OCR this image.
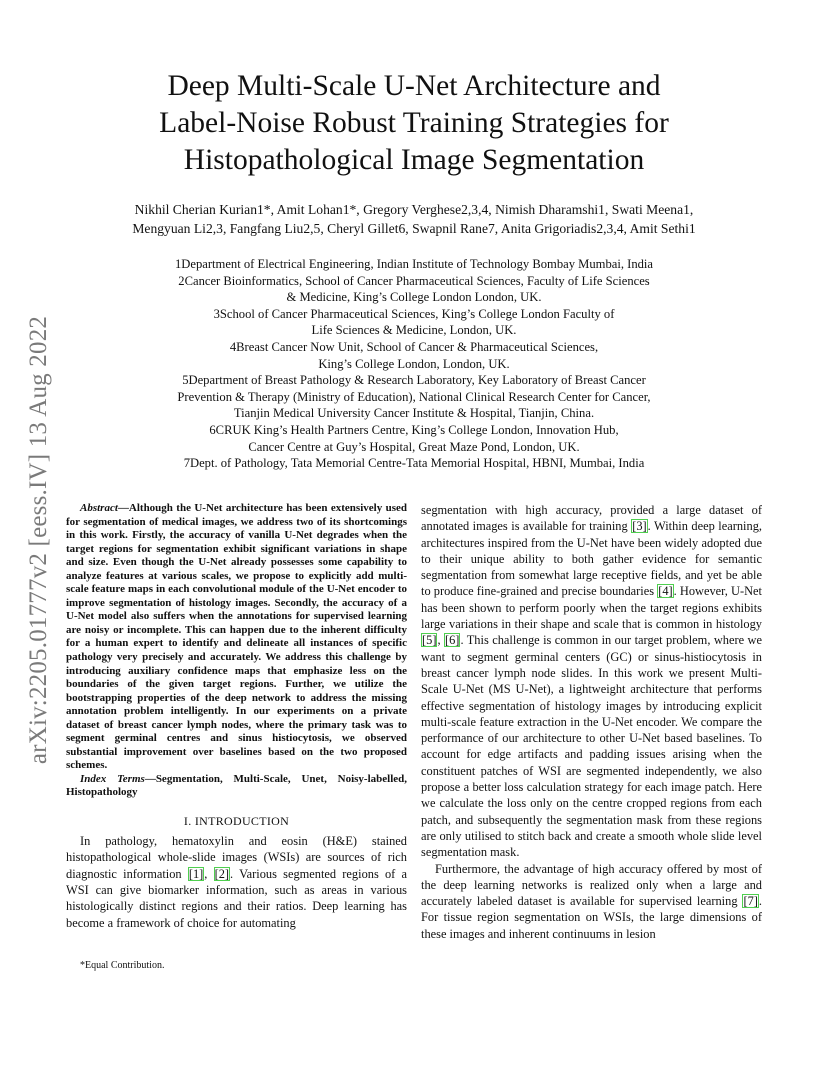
arXiv:2205.01777v2 [eess.IV] 13 Aug 2022
Deep Multi-Scale U-Net Architecture and
Label-Noise Robust Training Strategies for
Histopathological Image Segmentation
Nikhil Cherian Kurian1*, Amit Lohan1*, Gregory Verghese2,3,4, Nimish Dharamshi1, Swati Meena1,
Mengyuan Li2,3, Fangfang Liu2,5, Cheryl Gillet6, Swapnil Rane7, Anita Grigoriadis2,3,4, Amit Sethi1
1Department of Electrical Engineering, Indian Institute of Technology Bombay Mumbai, India
2Cancer Bioinformatics, School of Cancer Pharmaceutical Sciences, Faculty of Life Sciences
& Medicine, King’s College London London, UK.
3School of Cancer Pharmaceutical Sciences, King’s College London Faculty of
Life Sciences & Medicine, London, UK.
4Breast Cancer Now Unit, School of Cancer & Pharmaceutical Sciences,
King’s College London, London, UK.
5Department of Breast Pathology & Research Laboratory, Key Laboratory of Breast Cancer
Prevention & Therapy (Ministry of Education), National Clinical Research Center for Cancer,
Tianjin Medical University Cancer Institute & Hospital, Tianjin, China.
6CRUK King’s Health Partners Centre, King’s College London, Innovation Hub,
Cancer Centre at Guy’s Hospital, Great Maze Pond, London, UK.
7Dept. of Pathology, Tata Memorial Centre-Tata Memorial Hospital, HBNI, Mumbai, India

Abstract—Although the U-Net architecture has been extensively used for segmentation of medical images, we address two of its shortcomings in this work. Firstly, the accuracy of vanilla U-Net degrades when the target regions for segmentation exhibit significant variations in shape and size. Even though the U-Net already possesses some capability to analyze features at various scales, we propose to explicitly add multi-scale feature maps in each convolutional module of the U-Net encoder to improve segmentation of histology images. Secondly, the accuracy of a U-Net model also suffers when the annotations for supervised learning are noisy or incomplete. This can happen due to the inherent difficulty for a human expert to identify and delineate all instances of specific pathology very precisely and accurately. We address this challenge by introducing auxiliary confidence maps that emphasize less on the boundaries of the given target regions. Further, we utilize the bootstrapping properties of the deep network to address the missing annotation problem intelligently. In our experiments on a private dataset of breast cancer lymph nodes, where the primary task was to segment germinal centres and sinus histiocytosis, we observed substantial improvement over baselines based on the two proposed schemes.

Index Terms—Segmentation, Multi-Scale, Unet, Noisy-labelled, Histopathology

I. INTRODUCTION

In pathology, hematoxylin and eosin (H&E) stained histopathological whole-slide images (WSIs) are sources of rich diagnostic information [1], [2]. Various segmented regions of a WSI can give biomarker information, such as areas in various histologically distinct regions and their ratios. Deep learning has become a framework of choice for automating

*Equal Contribution.

segmentation with high accuracy, provided a large dataset of annotated images is available for training [3]. Within deep learning, architectures inspired from the U-Net have been widely adopted due to their unique ability to both gather evidence for semantic segmentation from somewhat large receptive fields, and yet be able to produce fine-grained and precise boundaries [4]. However, U-Net has been shown to perform poorly when the target regions exhibits large variations in their shape and scale that is common in histology [5], [6]. This challenge is common in our target problem, where we want to segment germinal centers (GC) or sinus-histiocytosis in breast cancer lymph node slides. In this work we present Multi-Scale U-Net (MS U-Net), a lightweight architecture that performs effective segmentation of histology images by introducing explicit multi-scale feature extraction in the U-Net encoder. We compare the performance of our architecture to other U-Net based baselines. To account for edge artifacts and padding issues arising when the constituent patches of WSI are segmented independently, we also propose a better loss calculation strategy for each image patch. Here we calculate the loss only on the centre cropped regions from each patch, and subsequently the segmentation mask from these regions are only utilised to stitch back and create a smooth whole slide level segmentation mask.

Furthermore, the advantage of high accuracy offered by most of the deep learning networks is realized only when a large and accurately labeled dataset is available for supervised learning [7]. For tissue region segmentation on WSIs, the large dimensions of these images and inherent continuums in lesion
